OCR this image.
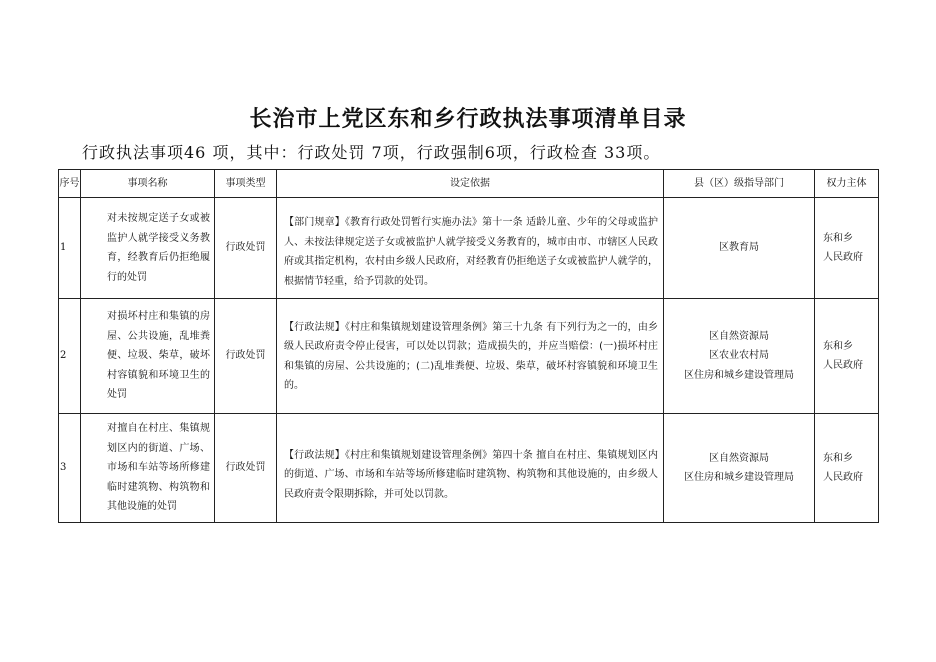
长治市上党区东和乡行政执法事项清单目录
行政执法事项46 项，其中：行政处罚 7项，行政强制6项，行政检查 33项。
序号	事项名称	事项类型	设定依据	县（区）级指导部门	权力主体
1	对未按规定送子女或被监护人就学接受义务教育，经教育后仍拒绝履行的处罚	行政处罚	【部门规章】《教育行政处罚暂行实施办法》第十一条 适龄儿童、少年的父母或监护人、未按法律规定送子女或被监护人就学接受义务教育的，城市由市、市辖区人民政府或其指定机构，农村由乡级人民政府，对经教育仍拒绝送子女或被监护人就学的，根据情节轻重，给予罚款的处罚。	区教育局	东和乡
人民政府

2	对损坏村庄和集镇的房屋、公共设施，乱堆粪便、垃圾、柴草，破坏村容镇貌和环境卫生的处罚	行政处罚	【行政法规】《村庄和集镇规划建设管理条例》第三十九条 有下列行为之一的，由乡级人民政府责令停止侵害，可以处以罚款；造成损失的，并应当赔偿：(一)损坏村庄和集镇的房屋、公共设施的；(二)乱堆粪便、垃圾、柴草，破坏村容镇貌和环境卫生的。	区自然资源局
区农业农村局
区住房和城乡建设管理局	东和乡
人民政府

3	对擅自在村庄、集镇规划区内的街道、广场、市场和车站等场所修建临时建筑物、构筑物和其他设施的处罚	行政处罚	【行政法规】《村庄和集镇规划建设管理条例》第四十条 擅自在村庄、集镇规划区内的街道、广场、市场和车站等场所修建临时建筑物、构筑物和其他设施的，由乡级人民政府责令限期拆除，并可处以罚款。	区自然资源局
区住房和城乡建设管理局	东和乡
人民政府
